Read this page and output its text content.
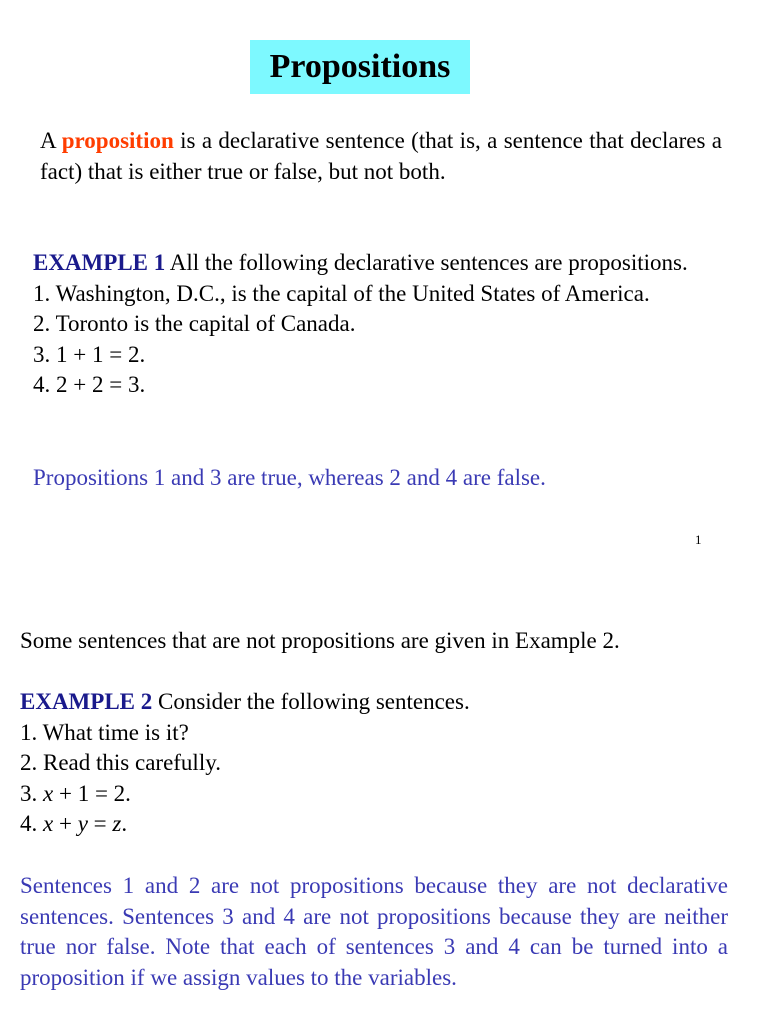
Propositions

A proposition is a declarative sentence (that is, a sentence that declares a fact) that is either true or false, but not both.

EXAMPLE 1 All the following declarative sentences are propositions.
1. Washington, D.C., is the capital of the United States of America.
2. Toronto is the capital of Canada.
3. 1 + 1 = 2.
4. 2 + 2 = 3.

Propositions 1 and 3 are true, whereas 2 and 4 are false.

1

Some sentences that are not propositions are given in Example 2.

EXAMPLE 2 Consider the following sentences.
1. What time is it?
2. Read this carefully.
3. x + 1 = 2.
4. x + y = z.

Sentences 1 and 2 are not propositions because they are not declarative sentences. Sentences 3 and 4 are not propositions because they are neither true nor false. Note that each of sentences 3 and 4 can be turned into a proposition if we assign values to the variables.
